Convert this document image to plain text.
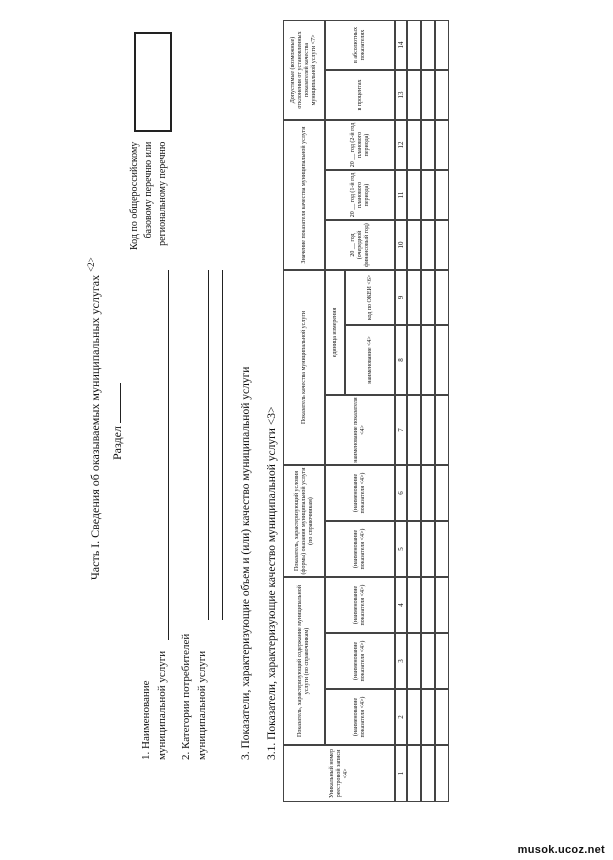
Часть I. Сведения об оказываемых муниципальных услугах $^{<2>}$
Раздел
1. Наименование муниципальной услуги 2. Категории потребителей муниципальной услуги
Код по общероссийскому базовому перечню или региональному перечню
3. Показатели, характеризующие объем и (или) качество муниципальной услуги 3.1. Показатели, характеризующие качество муниципальной услуги <3>
Уникальный номер реестровой записи <4>
Показатель, характеризующий содержание муниципальной услуги (по справочникам)
Показатель, характеризующий условия (формы) оказания муниципальной услуги (по справочникам)
Показатель качества муниципальной услуги
Значение показателя качества муниципальной услуги
Допустимые (возможные) отклонения от установленных показателей качества муниципальной услуги <7>
(наименование показателя <4>)
(наименование показателя <4>)
(наименование показателя <4>)
(наименование показателя <4>)
(наименование показателя <4>)
наименование показателя <4>
единица измерения
наименование <4>
код по ОКЕИ <6>
20 __ год (очередной финансовый год)
20 __ год (1-й год планового периода)
20 __ год (2-й год планового периода)
в процентах
в абсолютных показателях
1
2
3
4
5
6
7
8
9
10
11
12
13
14
musok.ucoz.net
